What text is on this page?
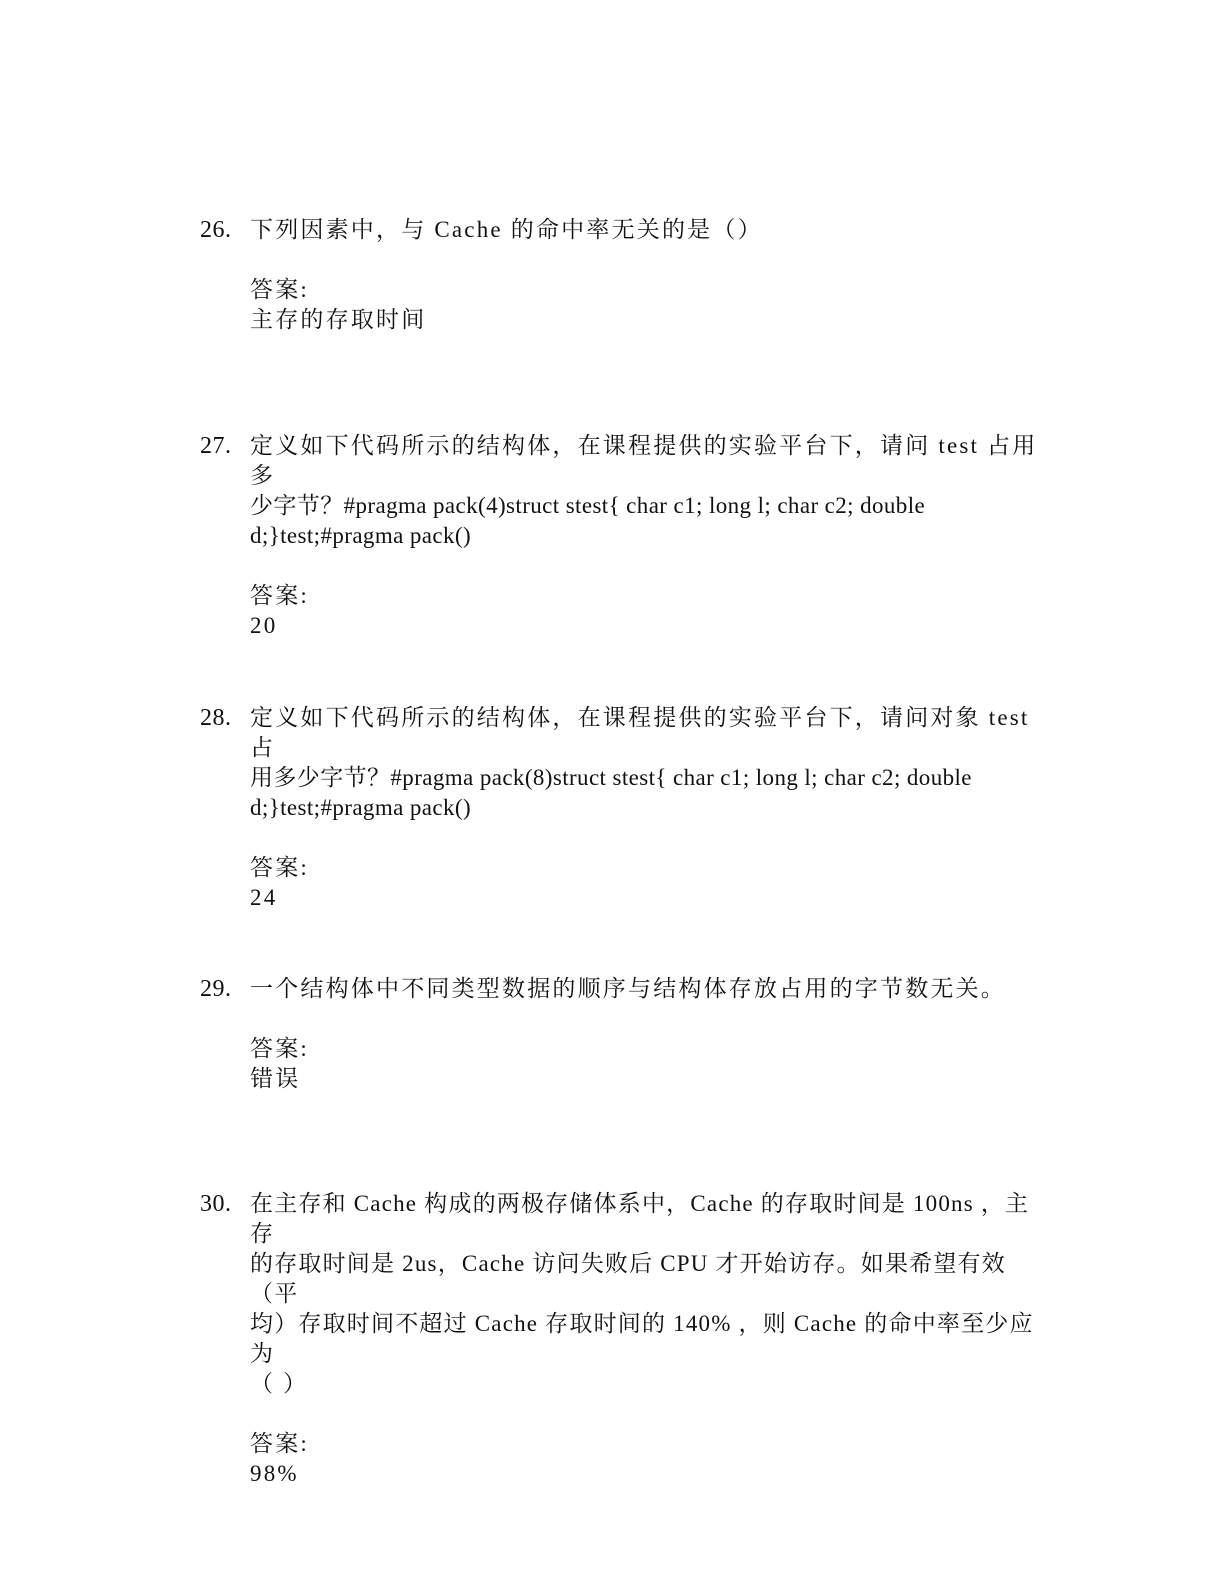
26. 下列因素中，与 Cache 的命中率无关的是（）
答案:
主存的存取时间
27. 定义如下代码所示的结构体，在课程提供的实验平台下，请问 test 占用多
少字节？#pragma pack(4)struct stest{ char c1; long l; char c2; double
d;}test;#pragma pack()
答案:
20
28. 定义如下代码所示的结构体，在课程提供的实验平台下，请问对象 test 占
用多少字节？#pragma pack(8)struct stest{ char c1; long l; char c2; double
d;}test;#pragma pack()
答案:
24
29. 一个结构体中不同类型数据的顺序与结构体存放占用的字节数无关。
答案:
错误
30. 在主存和 Cache 构成的两极存储体系中，Cache 的存取时间是 100ns ，主存
的存取时间是 2us，Cache 访问失败后 CPU 才开始访存。如果希望有效（平
均）存取时间不超过 Cache 存取时间的 140% ，则 Cache 的命中率至少应为
（ ）
答案:
98%
